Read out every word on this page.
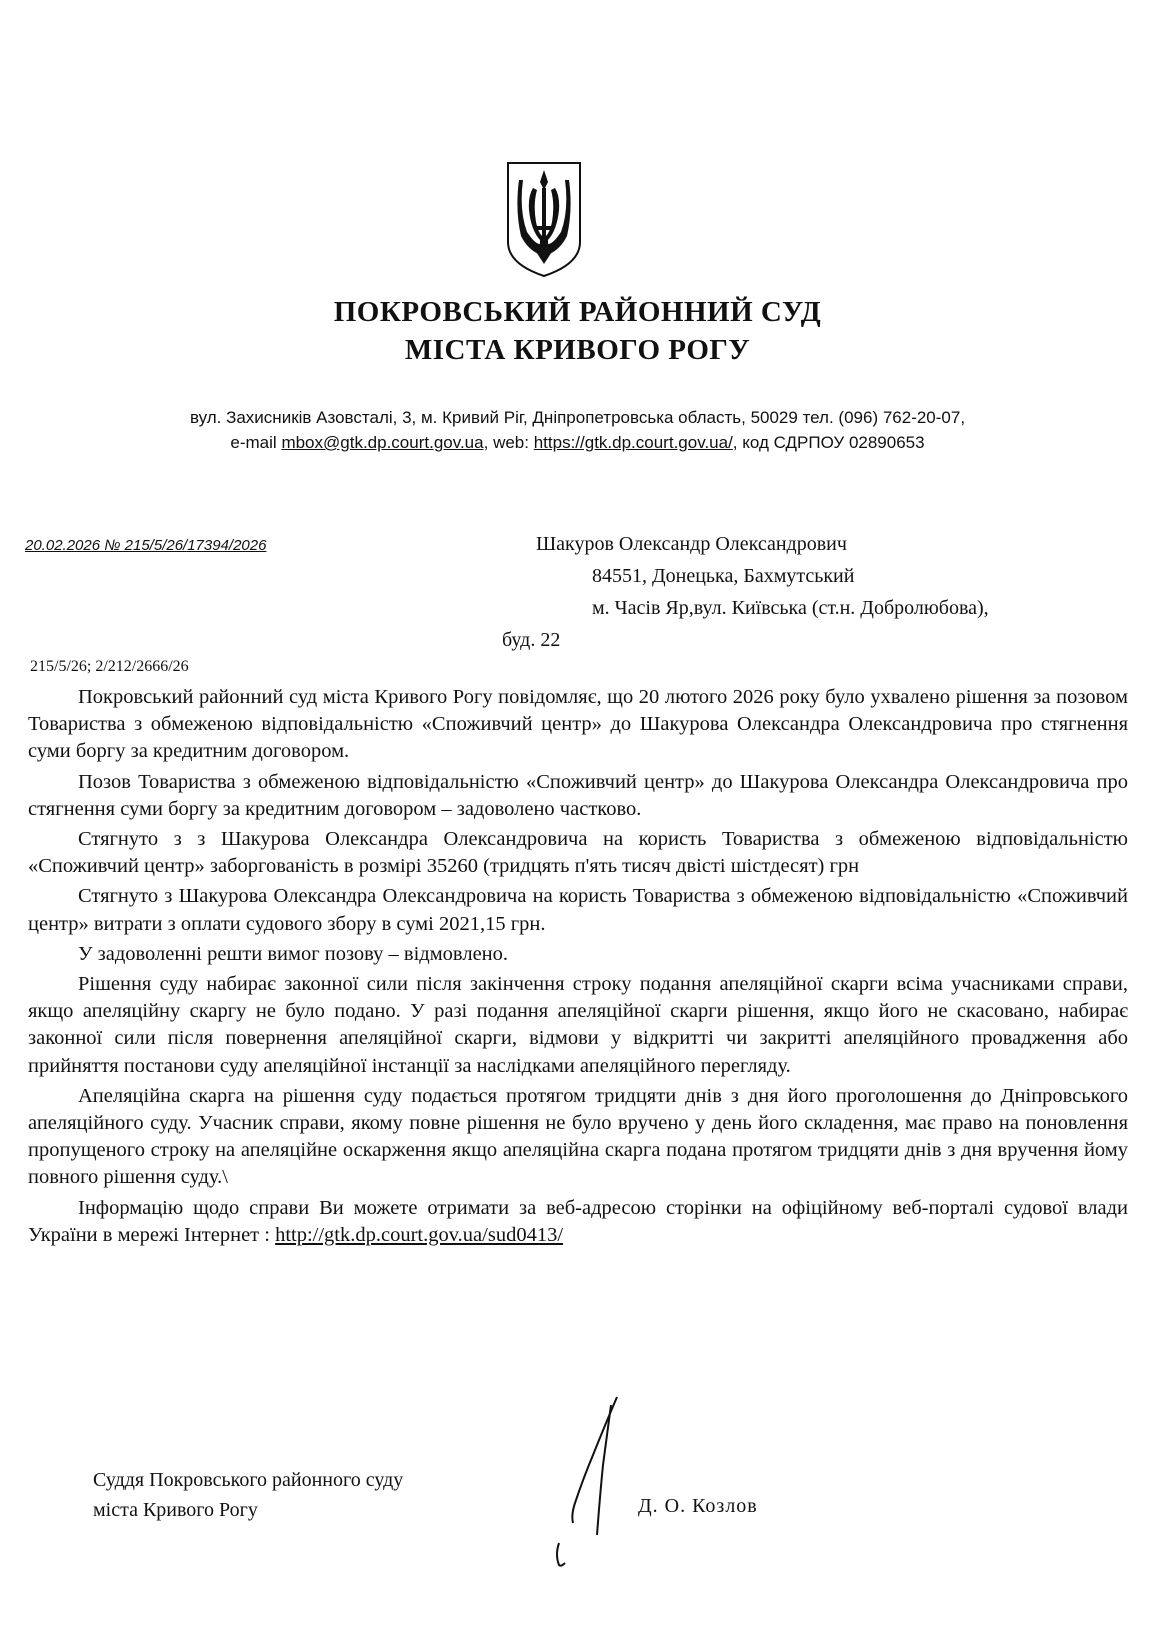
ПОКРОВСЬКИЙ РАЙОННИЙ СУД
МІСТА КРИВОГО РОГУ
вул. Захисників Азовсталі, 3, м. Кривий Ріг, Дніпропетровська область, 50029 тел. (096) 762-20-07,
e-mail mbox@gtk.dp.court.gov.ua, web: https://gtk.dp.court.gov.ua/, код СДРПОУ 02890653
20.02.2026 № 215/5/26/17394/2026	Шакуров Олександр Олександрович
84551, Донецька, Бахмутський
м. Часів Яр,вул. Київська (ст.н. Добролюбова),
буд. 22
215/5/26; 2/212/2666/26

Покровський районний суд міста Кривого Рогу повідомляє, що 20 лютого 2026 року було ухвалено рішення за позовом Товариства з обмеженою відповідальністю «Споживчий центр» до Шакурова Олександра Олександровича про стягнення суми боргу за кредитним договором.

Позов Товариства з обмеженою відповідальністю «Споживчий центр» до Шакурова Олександра Олександровича про стягнення суми боргу за кредитним договором – задоволено частково.

Стягнуто з з Шакурова Олександра Олександровича на користь Товариства з обмеженою відповідальністю «Споживчий центр» заборгованість в розмірі 35260 (тридцять п'ять тисяч двісті шістдесят) грн

Стягнуто з Шакурова Олександра Олександровича на користь Товариства з обмеженою відповідальністю «Споживчий центр» витрати з оплати судового збору в сумі 2021,15 грн.

У задоволенні решти вимог позову – відмовлено.

Рішення суду набирає законної сили після закінчення строку подання апеляційної скарги всіма учасниками справи, якщо апеляційну скаргу не було подано. У разі подання апеляційної скарги рішення, якщо його не скасовано, набирає законної сили після повернення апеляційної скарги, відмови у відкритті чи закритті апеляційного провадження або прийняття постанови суду апеляційної інстанції за наслідками апеляційного перегляду.

Апеляційна скарга на рішення суду подається протягом тридцяти днів з дня його проголошення до Дніпровського апеляційного суду. Учасник справи, якому повне рішення не було вручено у день його складення, має право на поновлення пропущеного строку на апеляційне оскарження якщо апеляційна скарга подана протягом тридцяти днів з дня вручення йому повного рішення суду.\

Інформацію щодо справи Ви можете отримати за веб-адресою сторінки на офіційному веб-порталі судової влади України в мережі Інтернет : http://gtk.dp.court.gov.ua/sud0413/

Суддя Покровського районного суду
міста Кривого Рогу	Д. О. Козлов
